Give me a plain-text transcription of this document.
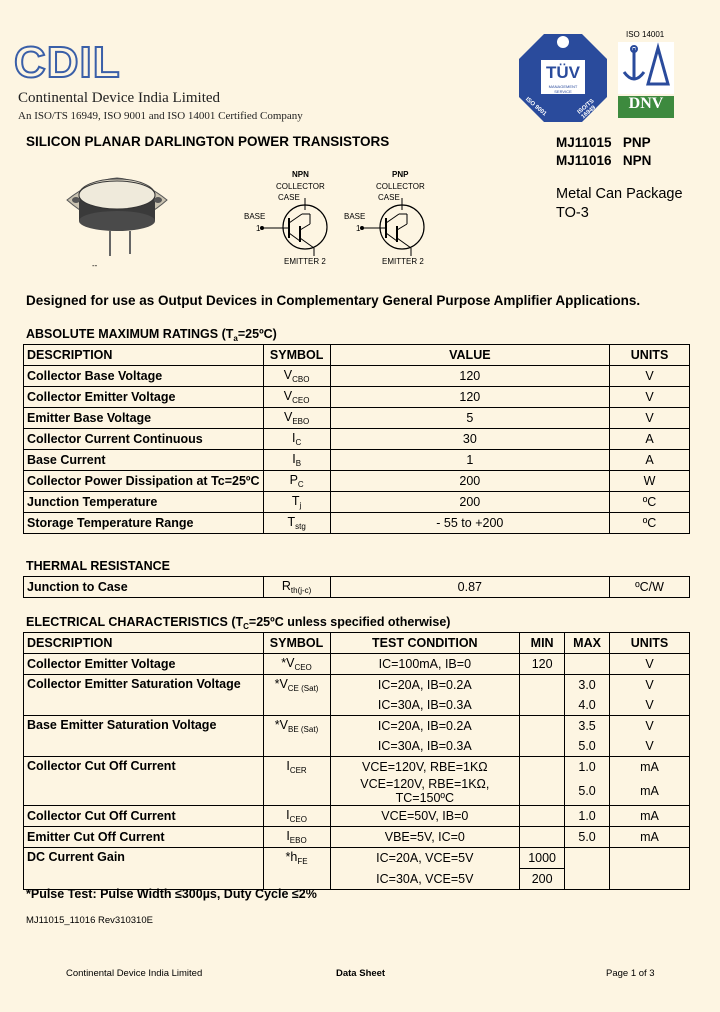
CDIL
Continental Device India Limited
An ISO/TS 16949, ISO 9001 and ISO 14001 Certified Company
TÜV
MANAGEMENT SERVICE
ISO 9001	ISO/TS 16949
ISO 14001
DNV
SILICON PLANAR DARLINGTON POWER TRANSISTORS	MJ11015 PNP
MJ11016 NPN
Metal Can Package
TO-3
--
NPN
COLLECTOR
CASE
BASE
1
EMITTER 2
PNP
COLLECTOR
CASE
BASE
1
EMITTER 2
Designed for use as Output Devices in Complementary General Purpose Amplifier Applications.
ABSOLUTE MAXIMUM RATINGS $(T_a=25ºC)$
DESCRIPTION	SYMBOL	VALUE	UNITS
Collector Base Voltage	$V_{CBO}$	120	V
Collector Emitter Voltage	$V_{CEO}$	120	V
Emitter Base Voltage	$V_{EBO}$	5	V
Collector Current Continuous	$I_C$	30	A
Base Current	$I_B$	1	A
Collector Power Dissipation at Tc=25ºC	$P_C$	200	W
Junction Temperature	$T_j$	200	ºC
Storage Temperature Range	$T_{stg}$	- 55 to +200	ºC
THERMAL RESISTANCE
Junction to Case	$R_{th(j-c)}$	0.87	ºC/W
ELECTRICAL CHARACTERISTICS ($T_C=25ºC$ unless specified otherwise)
DESCRIPTION	SYMBOL	TEST CONDITION	MIN	MAX	UNITS
Collector Emitter Voltage	$*V_{CEO}$	IC=100mA, IB=0	120		V
Collector Emitter Saturation Voltage	$*V_{CE (Sat)}$	IC=20A, IB=0.2A		3.0	V
		IC=30A, IB=0.3A		4.0	V
Base Emitter Saturation Voltage	$*V_{BE (Sat)}$	IC=20A, IB=0.2A		3.5	V
		IC=30A, IB=0.3A		5.0	V
Collector Cut Off Current	$I_{CER}$	VCE=120V, RBE=1KΩ		1.0	mA
		VCE=120V, RBE=1KΩ, TC=150ºC		5.0	mA
Collector Cut Off Current	$I_{CEO}$	VCE=50V, IB=0		1.0	mA
Emitter Cut Off Current	$I_{EBO}$	VBE=5V, IC=0		5.0	mA
DC Current Gain	$*h_{FE}$	IC=20A, VCE=5V	1000		
		IC=30A, VCE=5V	200		
*Pulse Test: Pulse Width ≤300µs, Duty Cycle ≤2%
MJ11015_11016 Rev310310E
Continental Device India Limited	Data Sheet	Page 1 of 3
